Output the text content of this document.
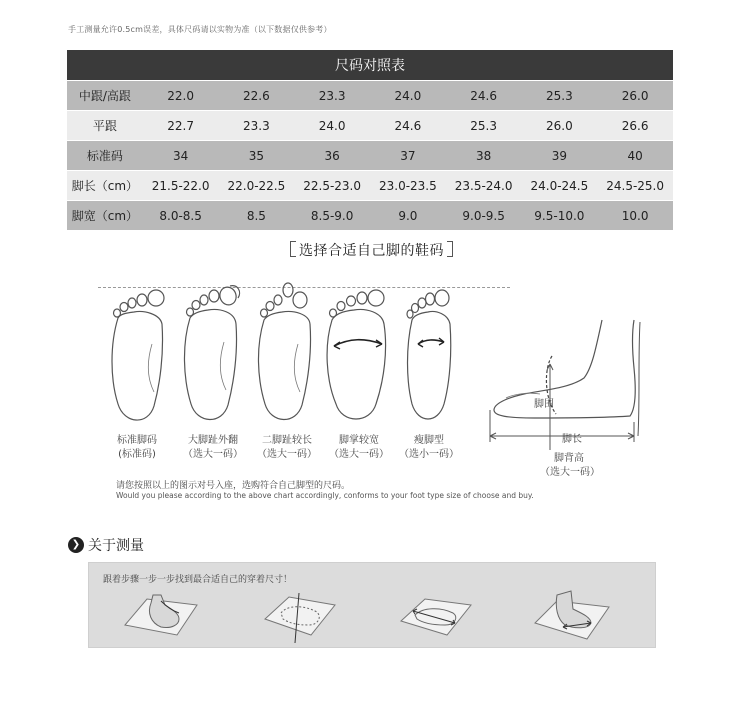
手工测量允许0.5cm误差，具体尺码请以实物为准（以下数据仅供参考）
尺码对照表							
中跟/高跟	22.0	22.6	23.3	24.0	24.6	25.3	26.0
平跟	22.7	23.3	24.0	24.6	25.3	26.0	26.6
标准码	34	35	36	37	38	39	40
脚长（cm）	21.5-22.0	22.0-22.5	22.5-23.0	23.0-23.5	23.5-24.0	24.0-24.5	24.5-25.0
脚宽（cm）	8.0-8.5	8.5	8.5-9.0	9.0	9.0-9.5	9.5-10.0	10.0
选择合适自己脚的鞋码
标准脚码
(标准码)
大脚趾外翻
（选大一码）
二脚趾较长
（选大一码）
脚掌较宽
（选大一码）
瘦脚型
（选小一码）
脚围
脚长
脚背高
（选大一码）
请您按照以上的图示对号入座，选购符合自己脚型的尺码。
Would you please according to the above chart accordingly, conforms to your foot type size of choose and buy.
❯ 关于测量
跟着步骤一步一步找到最合适自己的穿着尺寸！
